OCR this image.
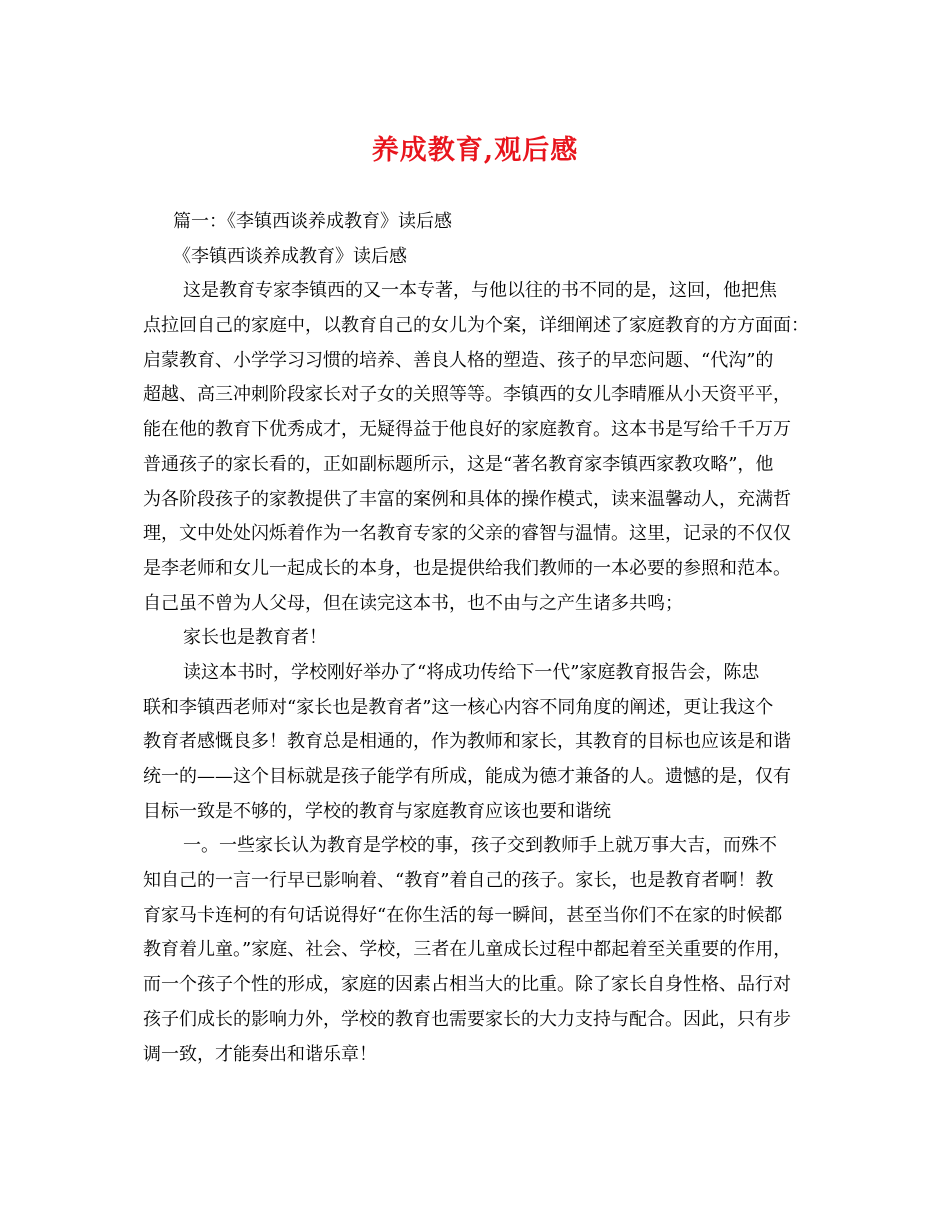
养成教育,观后感
篇一：《李镇西谈养成教育》读后感
《李镇西谈养成教育》读后感
这是教育专家李镇西的又一本专著，与他以往的书不同的是，这回，他把焦
点拉回自己的家庭中，以教育自己的女儿为个案，详细阐述了家庭教育的方方面面：
启蒙教育、小学学习习惯的培养、善良人格的塑造、孩子的早恋问题、“代沟”的
超越、高三冲刺阶段家长对子女的关照等等。李镇西的女儿李晴雁从小天资平平，
能在他的教育下优秀成才，无疑得益于他良好的家庭教育。这本书是写给千千万万
普通孩子的家长看的，正如副标题所示，这是“著名教育家李镇西家教攻略”，他
为各阶段孩子的家教提供了丰富的案例和具体的操作模式，读来温馨动人，充满哲
理，文中处处闪烁着作为一名教育专家的父亲的睿智与温情。这里，记录的不仅仅
是李老师和女儿一起成长的本身，也是提供给我们教师的一本必要的参照和范本。
自己虽不曾为人父母，但在读完这本书，也不由与之产生诸多共鸣；
家长也是教育者！
读这本书时，学校刚好举办了“将成功传给下一代”家庭教育报告会，陈忠
联和李镇西老师对“家长也是教育者”这一核心内容不同角度的阐述，更让我这个
教育者感慨良多！教育总是相通的，作为教师和家长，其教育的目标也应该是和谐
统一的——这个目标就是孩子能学有所成，能成为德才兼备的人。遗憾的是，仅有
目标一致是不够的，学校的教育与家庭教育应该也要和谐统
一。一些家长认为教育是学校的事，孩子交到教师手上就万事大吉，而殊不
知自己的一言一行早已影响着、“教育”着自己的孩子。家长，也是教育者啊！教
育家马卡连柯的有句话说得好“在你生活的每一瞬间，甚至当你们不在家的时候都
教育着儿童。”家庭、社会、学校，三者在儿童成长过程中都起着至关重要的作用，
而一个孩子个性的形成，家庭的因素占相当大的比重。除了家长自身性格、品行对
孩子们成长的影响力外，学校的教育也需要家长的大力支持与配合。因此，只有步
调一致，才能奏出和谐乐章！
